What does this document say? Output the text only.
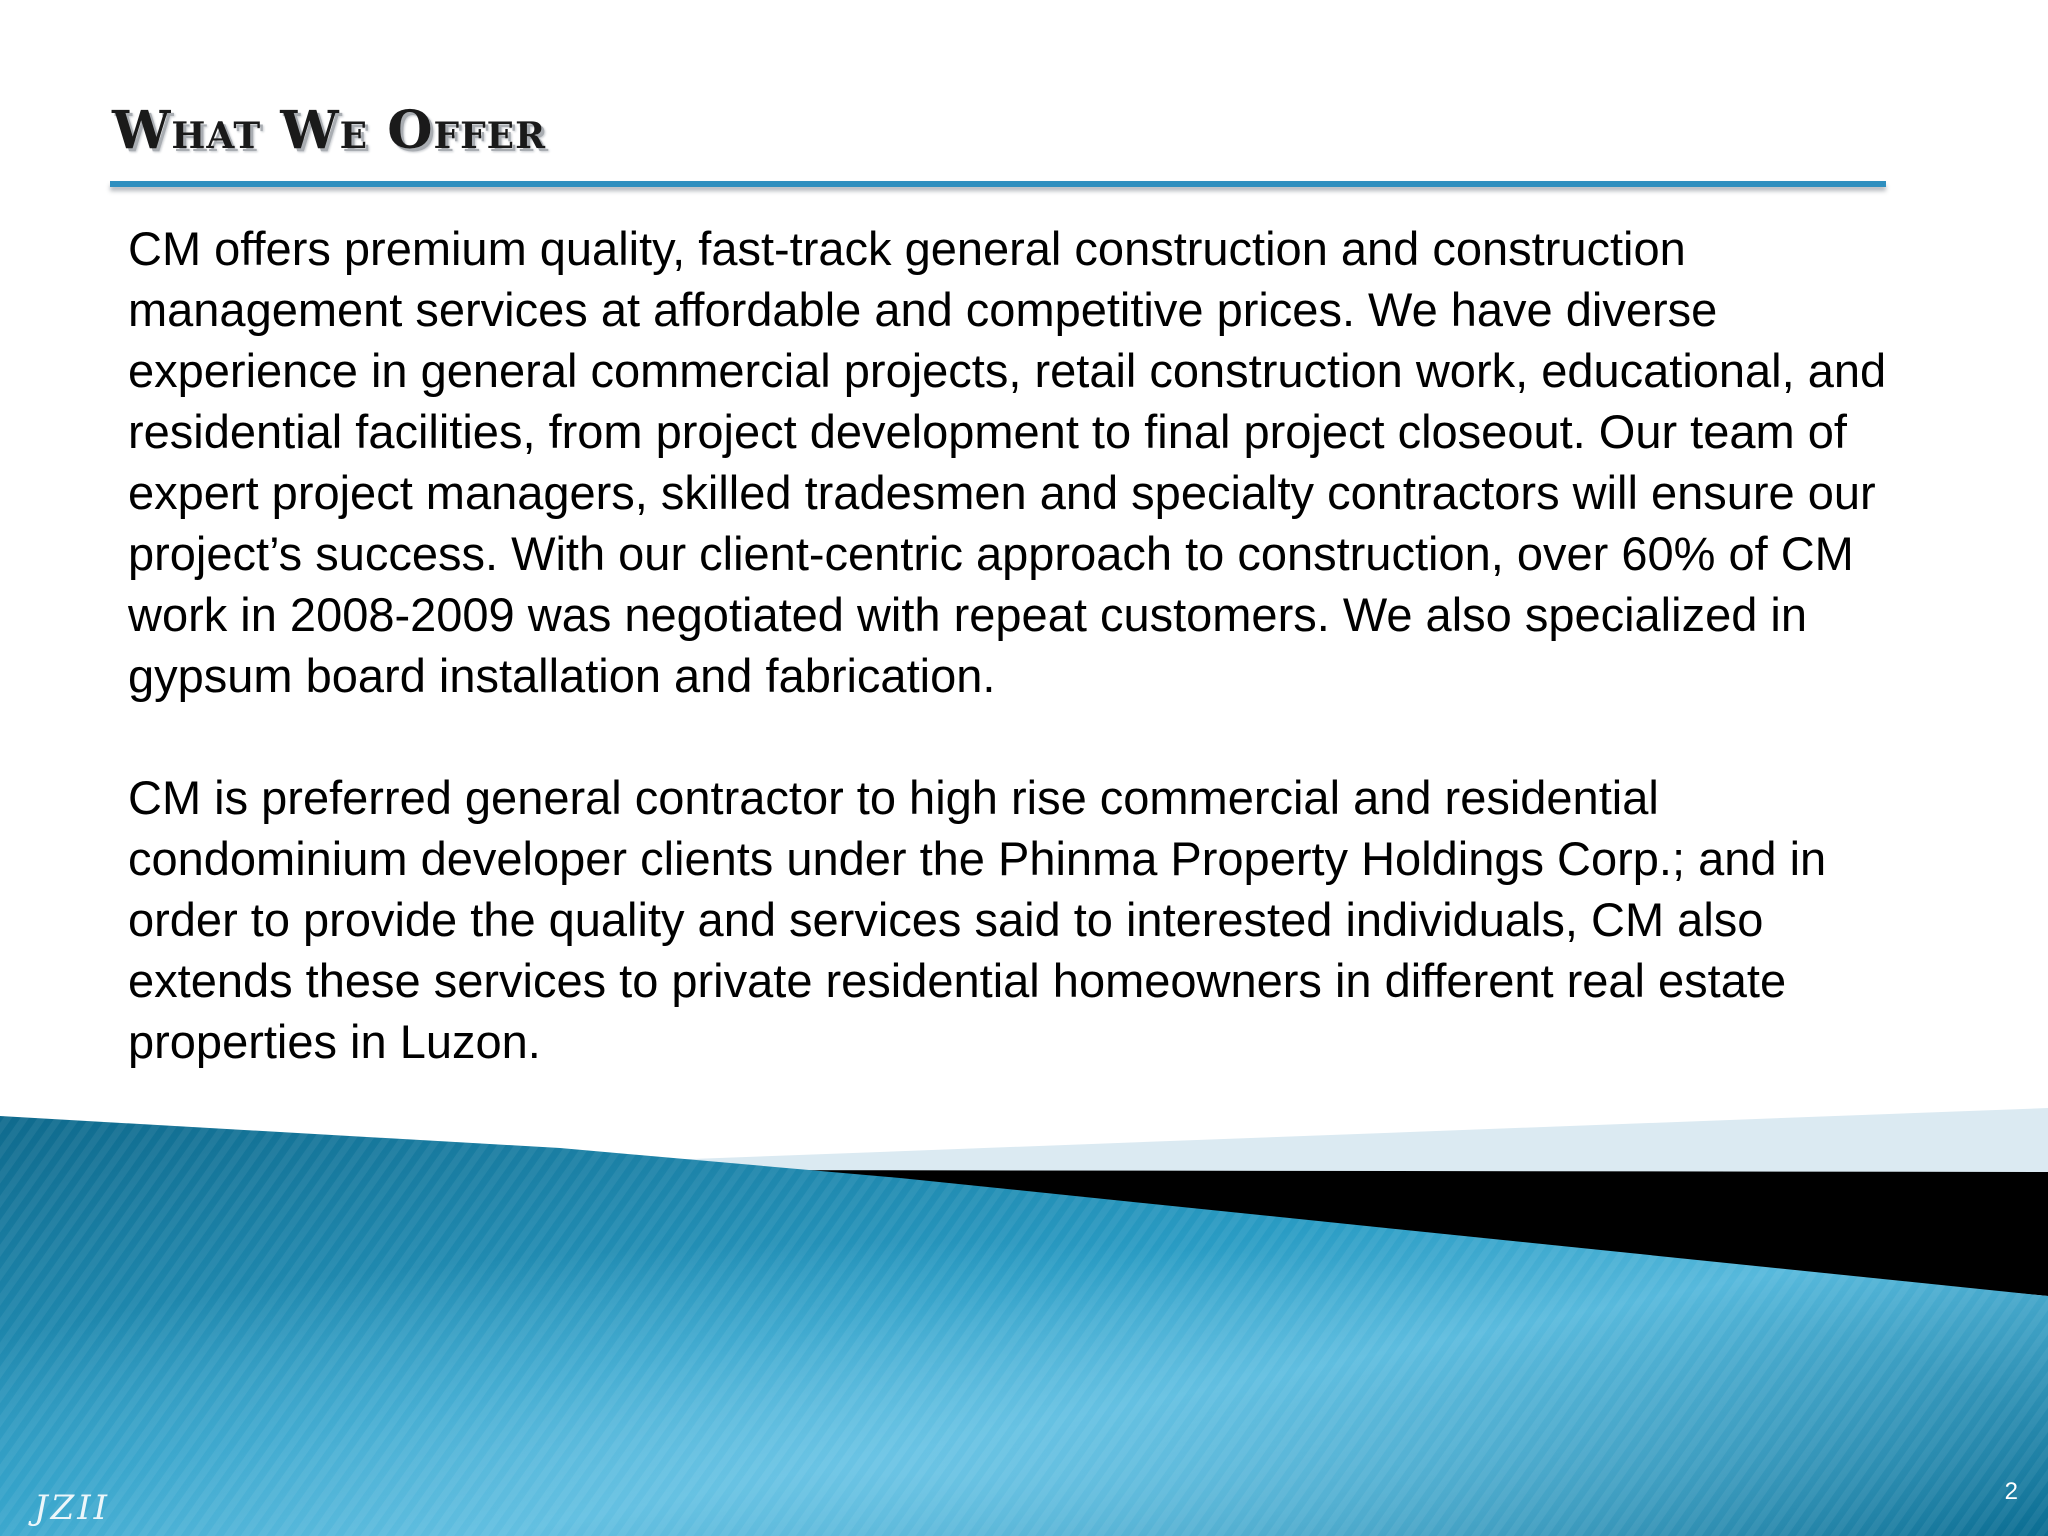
What We Offer

CM offers premium quality, fast-track general construction and construction management services at affordable and competitive prices. We have diverse experience in general commercial projects, retail construction work, educational, and residential facilities, from project development to final project closeout. Our team of expert project managers, skilled tradesmen and specialty contractors will ensure our project’s success. With our client-centric approach to construction, over 60% of CM work in 2008-2009 was negotiated with repeat customers. We also specialized in gypsum board installation and fabrication.

CM is preferred general contractor to high rise commercial and residential condominium developer clients under the Phinma Property Holdings Corp.; and in order to provide the quality and services said to interested individuals, CM also extends these services to private residential homeowners in different real estate properties in Luzon.

JZII	2
